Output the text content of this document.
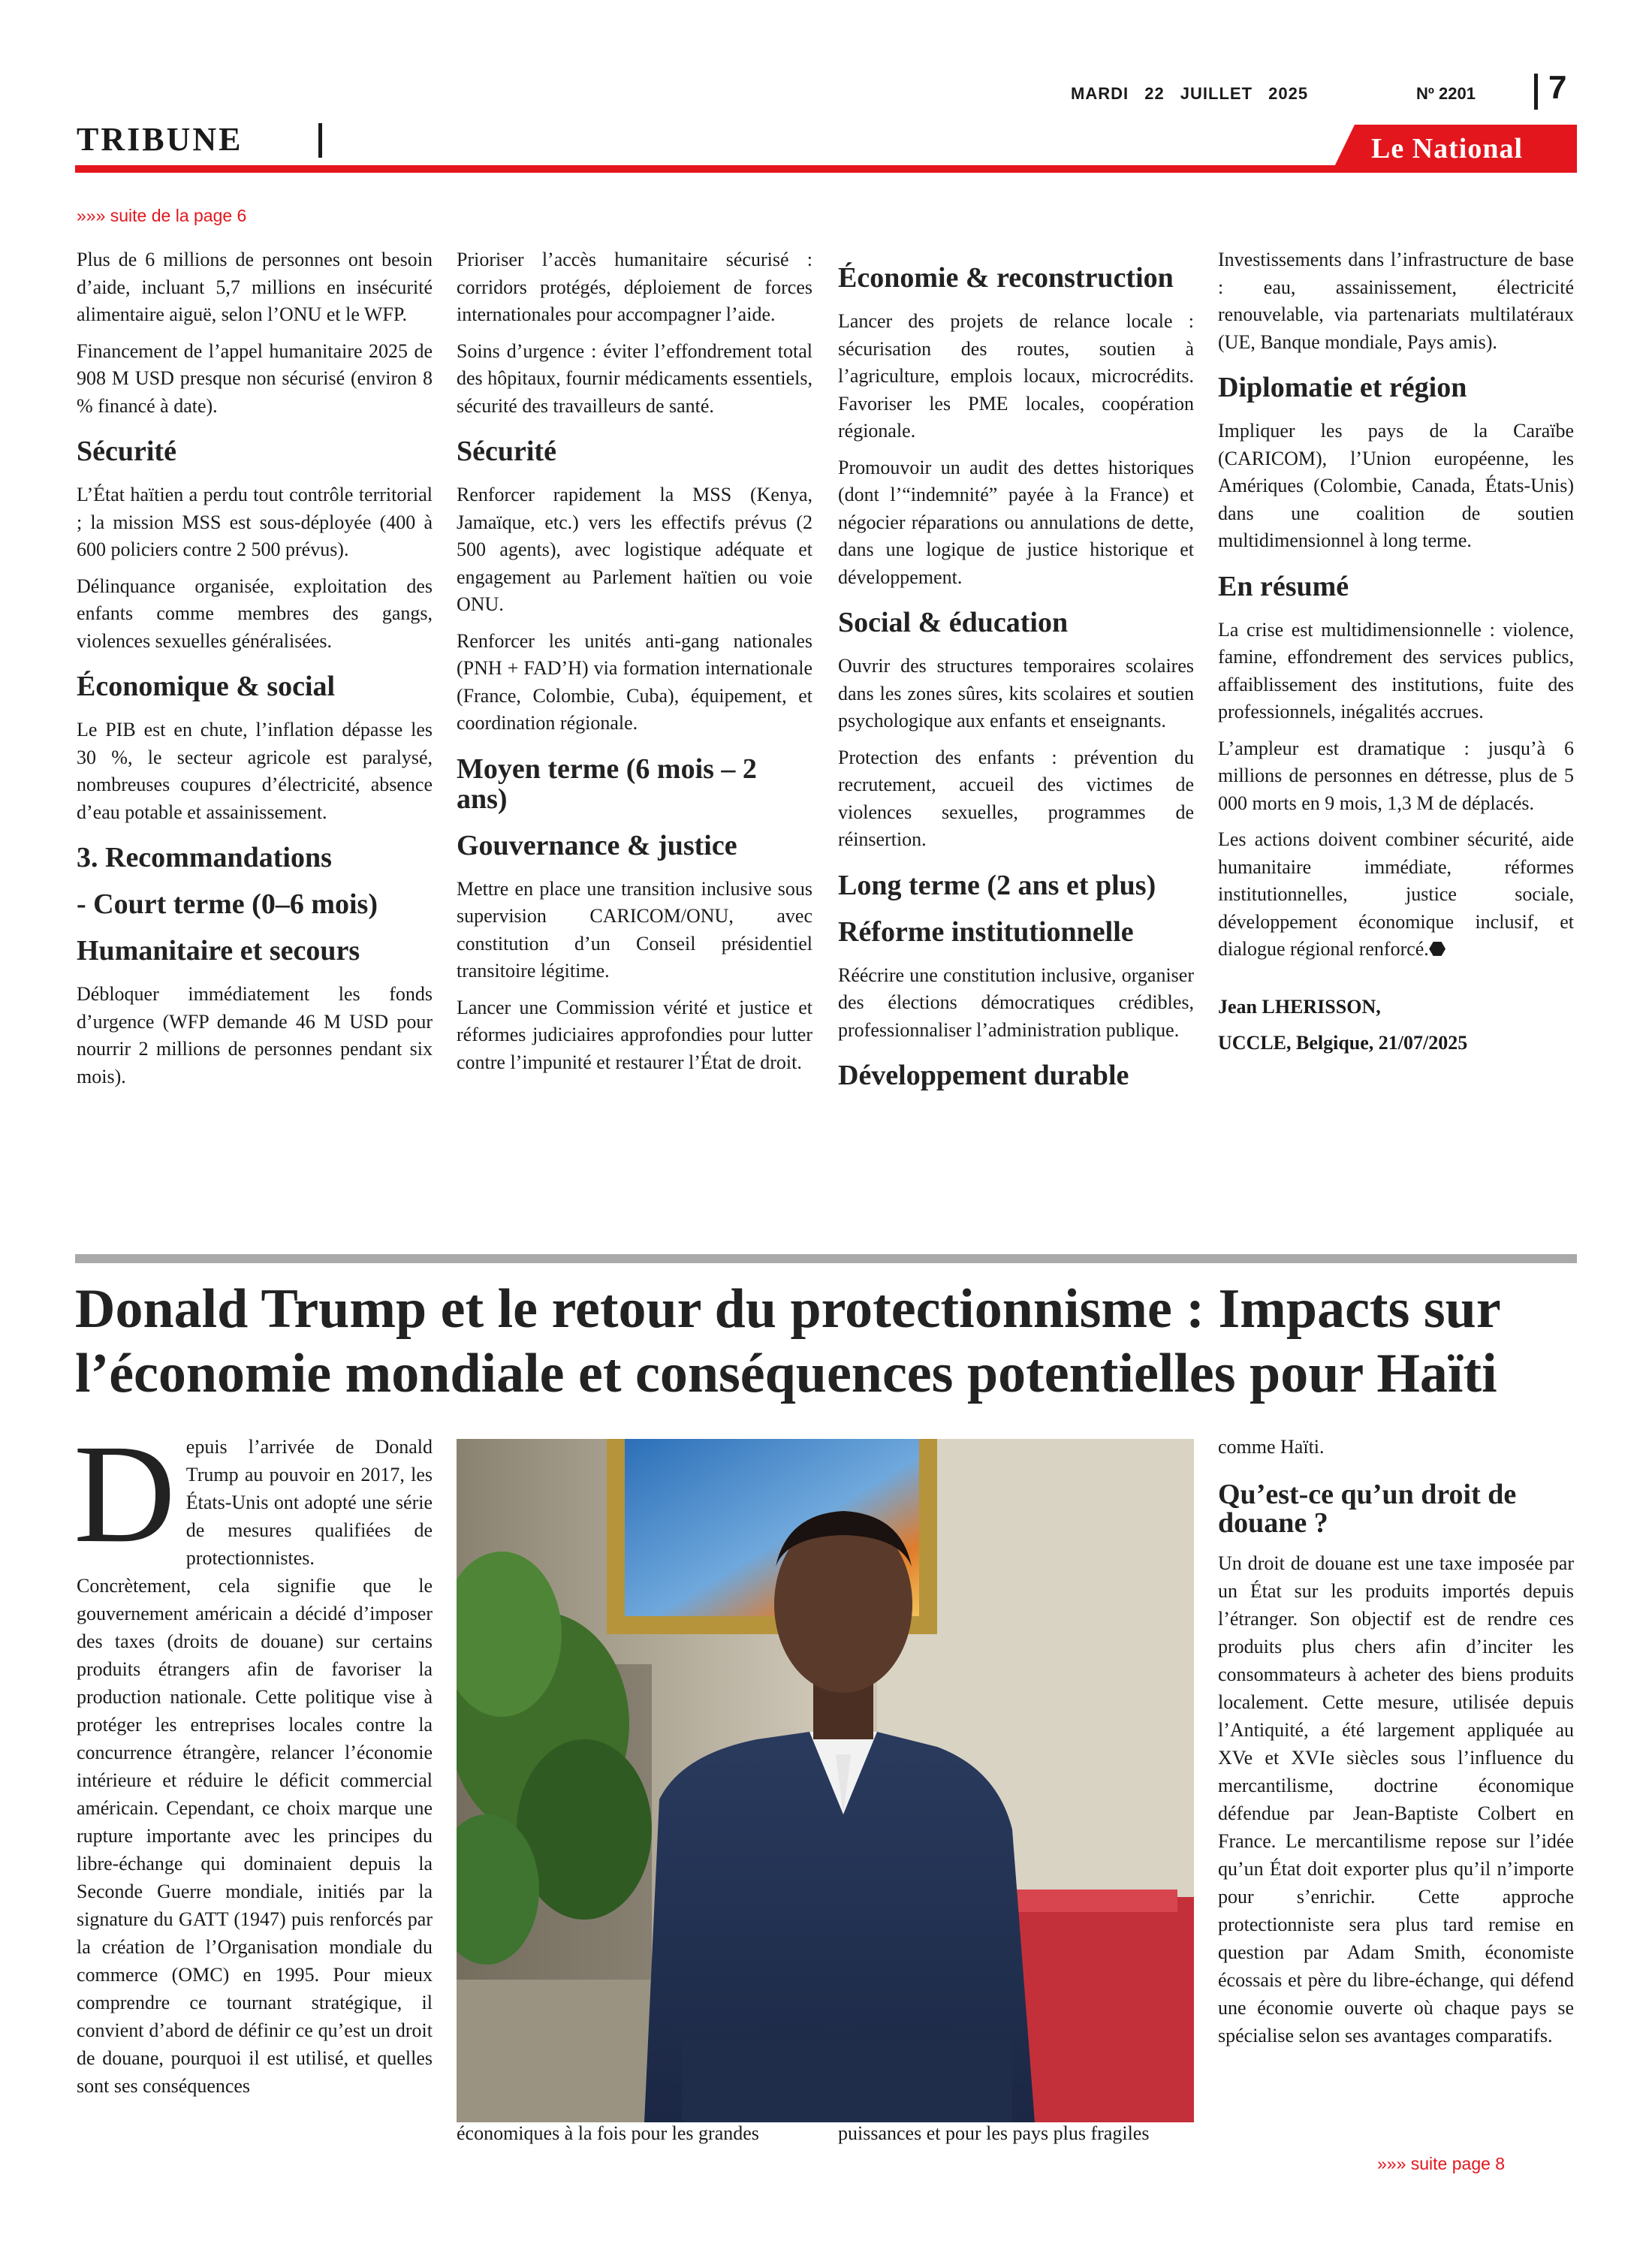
MARDI 22 JUILLET 2025	Nº 2201 7
TRIBUNE	Le National
»»» suite de la page 6

Plus de 6 millions de personnes ont besoin d’aide, incluant 5,7 millions en insécurité alimentaire aiguë, selon l’ONU et le WFP.

Financement de l’appel humanitaire 2025 de 908 M USD presque non sécurisé (environ 8 % financé à date).

Sécurité

L’État haïtien a perdu tout contrôle territorial ; la mission MSS est sous-déployée (400 à 600 policiers contre 2 500 prévus).

Délinquance organisée, exploitation des enfants comme membres des gangs, violences sexuelles généralisées.

Économique & social

Le PIB est en chute, l’inflation dépasse les 30 %, le secteur agricole est paralysé, nombreuses coupures d’électricité, absence d’eau potable et assainissement.

3. Recommandations
- Court terme (0–6 mois)
Humanitaire et secours

Débloquer immédiatement les fonds d’urgence (WFP demande 46 M USD pour nourrir 2 millions de personnes pendant six mois).

Prioriser l’accès humanitaire sécurisé : corridors protégés, déploiement de forces internationales pour accompagner l’aide.

Soins d’urgence : éviter l’effondrement total des hôpitaux, fournir médicaments essentiels, sécurité des travailleurs de santé.

Sécurité

Renforcer rapidement la MSS (Kenya, Jamaïque, etc.) vers les effectifs prévus (2 500 agents), avec logistique adéquate et engagement au Parlement haïtien ou voie ONU.

Renforcer les unités anti-gang nationales (PNH + FAD’H) via formation internationale (France, Colombie, Cuba), équipement, et coordination régionale.

Moyen terme (6 mois – 2 ans)
Gouvernance & justice

Mettre en place une transition inclusive sous supervision CARICOM/ONU, avec constitution d’un Conseil présidentiel transitoire légitime.

Lancer une Commission vérité et justice et réformes judiciaires approfondies pour lutter contre l’impunité et restaurer l’État de droit.

Économie & reconstruction

Lancer des projets de relance locale : sécurisation des routes, soutien à l’agriculture, emplois locaux, microcrédits. Favoriser les PME locales, coopération régionale.

Promouvoir un audit des dettes historiques (dont l’“indemnité” payée à la France) et négocier réparations ou annulations de dette, dans une logique de justice historique et développement.

Social & éducation

Ouvrir des structures temporaires scolaires dans les zones sûres, kits scolaires et soutien psychologique aux enfants et enseignants.

Protection des enfants : prévention du recrutement, accueil des victimes de violences sexuelles, programmes de réinsertion.

Long terme (2 ans et plus)
Réforme institutionnelle

Réécrire une constitution inclusive, organiser des élections démocratiques crédibles, professionnaliser l’administration publique.

Développement durable

Investissements dans l’infrastructure de base : eau, assainissement, électricité renouvelable, via partenariats multilatéraux (UE, Banque mondiale, Pays amis).

Diplomatie et région

Impliquer les pays de la Caraïbe (CARICOM), l’Union européenne, les Amériques (Colombie, Canada, États-Unis) dans une coalition de soutien multidimensionnel à long terme.

En résumé

La crise est multidimensionnelle : violence, famine, effondrement des services publics, affaiblissement des institutions, fuite des professionnels, inégalités accrues.

L’ampleur est dramatique : jusqu’à 6 millions de personnes en détresse, plus de 5 000 morts en 9 mois, 1,3 M de déplacés.

Les actions doivent combiner sécurité, aide humanitaire immédiate, réformes institutionnelles, justice sociale, développement économique inclusif, et dialogue régional renforcé.⬣

Jean LHERISSON,

UCCLE, Belgique, 21/07/2025

Donald Trump et le retour du protectionnisme : Impacts sur l’économie mondiale et conséquences potentielles pour Haïti
D epuis l’arrivée de Donald Trump au pouvoir en 2017, les États-Unis ont adopté une série de mesures qualifiées de protectionnistes. Concrètement, cela signifie que le gouvernement américain a décidé d’imposer des taxes (droits de douane) sur certains produits étrangers afin de favoriser la production nationale. Cette politique vise à protéger les entreprises locales contre la concurrence étrangère, relancer l’économie intérieure et réduire le déficit commercial américain. Cependant, ce choix marque une rupture importante avec les principes du libre-échange qui dominaient depuis la Seconde Guerre mondiale, initiés par la signature du GATT (1947) puis renforcés par la création de l’Organisation mondiale du commerce (OMC) en 1995. Pour mieux comprendre ce tournant stratégique, il convient d’abord de définir ce qu’est un droit de douane, pourquoi il est utilisé, et quelles sont ses conséquences

économiques à la fois pour les grandes	puissances et pour les pays plus fragiles

comme Haïti.

Qu’est-ce qu’un droit de douane ?

Un droit de douane est une taxe imposée par un État sur les produits importés depuis l’étranger. Son objectif est de rendre ces produits plus chers afin d’inciter les consommateurs à acheter des biens produits localement. Cette mesure, utilisée depuis l’Antiquité, a été largement appliquée au XVe et XVIe siècles sous l’influence du mercantilisme, doctrine économique défendue par Jean-Baptiste Colbert en France. Le mercantilisme repose sur l’idée qu’un État doit exporter plus qu’il n’importe pour s’enrichir. Cette approche protectionniste sera plus tard remise en question par Adam Smith, économiste écossais et père du libre-échange, qui défend une économie ouverte où chaque pays se spécialise selon ses avantages comparatifs.

»»» suite page 8
